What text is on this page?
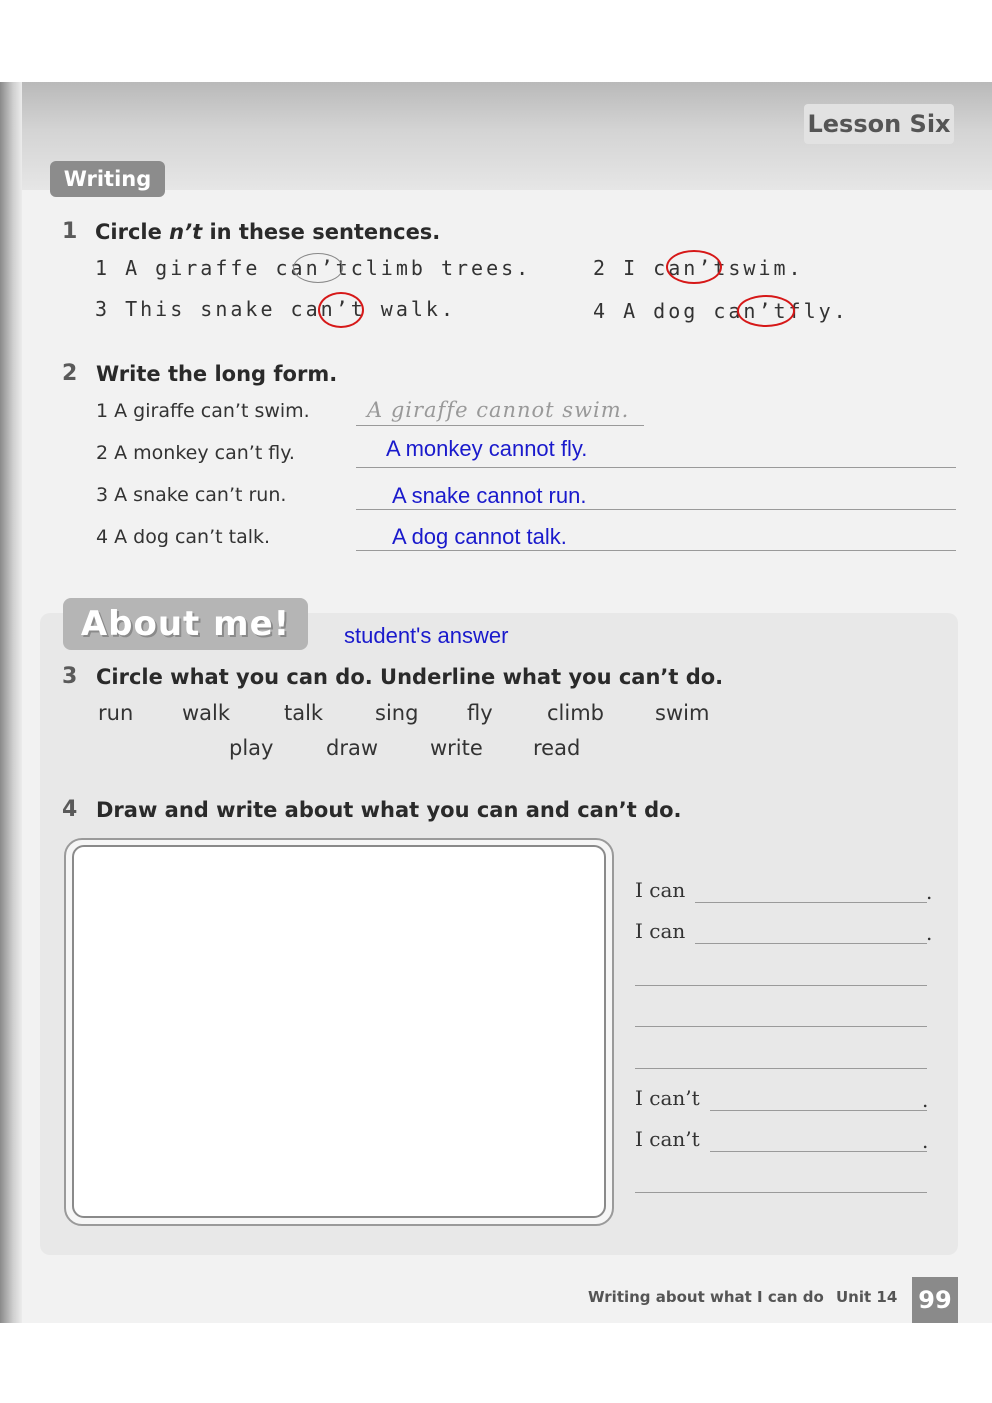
Lesson Six
Writing
1 Circle n’t in these sentences.
1 A giraffe can’tclimb trees.	2 I can’tswim.
3 This snake can’t walk.	4 A dog can’tfly.
2 Write the long form.
1 A giraffe can’t swim.	A giraffe cannot swim.
2 A monkey can’t fly.	A monkey cannot fly.
3 A snake can’t run.	A snake cannot run.
4 A dog can’t talk.	A dog cannot talk.
About me!	student's answer
3 Circle what you can do. Underline what you can’t do.
run walk	talk sing fly	climb swim
play	draw write read
4 Draw and write about what you can and can’t do.
I can	.
I can	.
I can’t	.
I can’t	.
Writing about what I can do Unit 14 99
